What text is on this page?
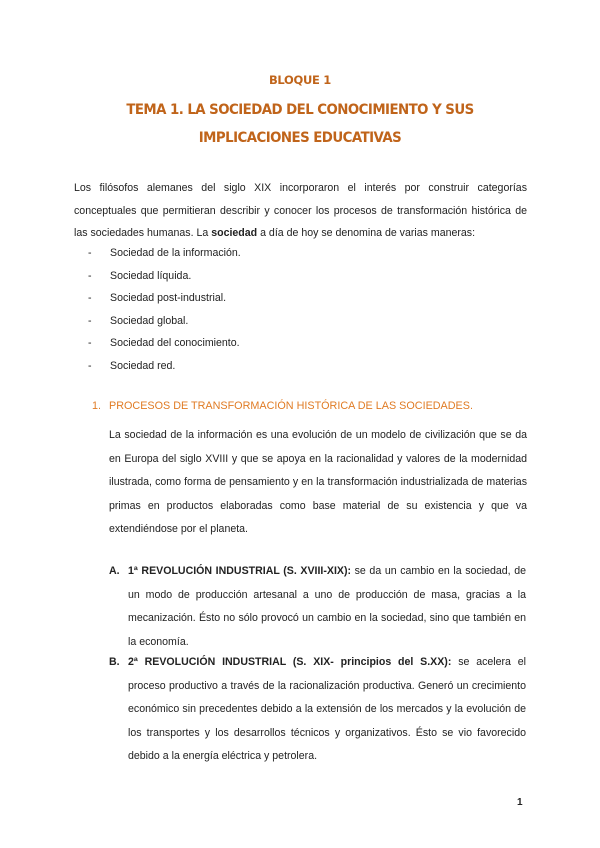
BLOQUE 1
TEMA 1. LA SOCIEDAD DEL CONOCIMIENTO Y SUS IMPLICACIONES EDUCATIVAS

Los filósofos alemanes del siglo XIX incorporaron el interés por construir categorías conceptuales que permitieran describir y conocer los procesos de transformación histórica de las sociedades humanas. La sociedad a día de hoy se denomina de varias maneras:

- Sociedad de la información.
- Sociedad líquida.
- Sociedad post-industrial.
- Sociedad global.
- Sociedad del conocimiento.
- Sociedad red.
1. PROCESOS DE TRANSFORMACIÓN HISTÓRICA DE LAS SOCIEDADES.

La sociedad de la información es una evolución de un modelo de civilización que se da en Europa del siglo XVIII y que se apoya en la racionalidad y valores de la modernidad ilustrada, como forma de pensamiento y en la transformación industrializada de materias primas en productos elaboradas como base material de su existencia y que va extendiéndose por el planeta.

A. 1ª REVOLUCIÓN INDUSTRIAL (S. XVIII-XIX): se da un cambio en la sociedad, de un modo de producción artesanal a uno de producción de masa, gracias a la mecanización. Ésto no sólo provocó un cambio en la sociedad, sino que también en la economía.

B. 2ª REVOLUCIÓN INDUSTRIAL (S. XIX- principios del S.XX): se acelera el proceso productivo a través de la racionalización productiva. Generó un crecimiento económico sin precedentes debido a la extensión de los mercados y la evolución de los transportes y los desarrollos técnicos y organizativos. Ésto se vio favorecido debido a la energía eléctrica y petrolera.

1
